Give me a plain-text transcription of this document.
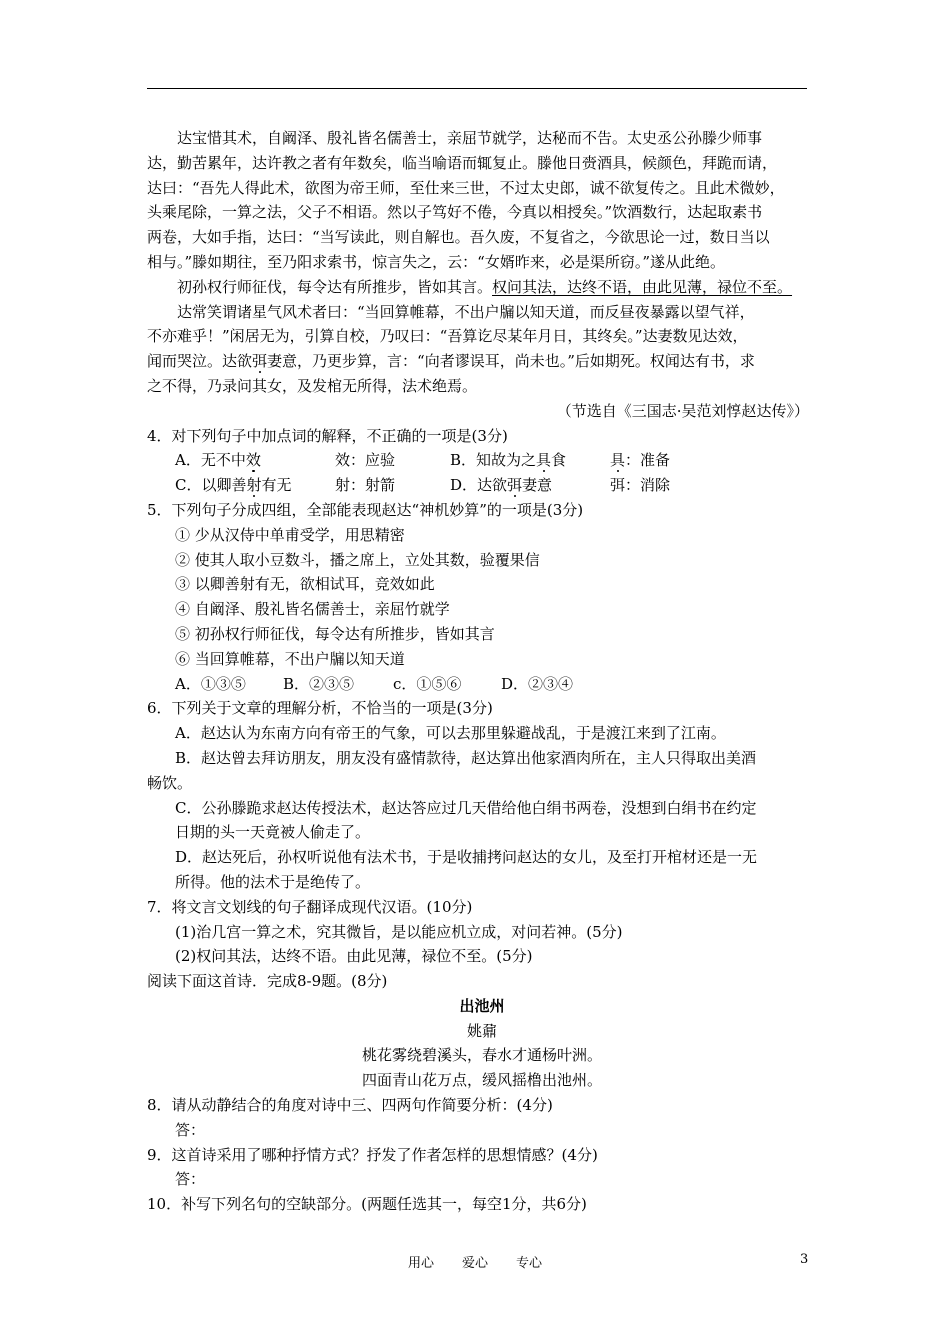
达宝惜其术，自阚泽、殷礼皆名儒善士，亲屈节就学，达秘而不告。太史丞公孙滕少师事
达，勤苦累年，达许教之者有年数矣，临当喻语而辄复止。滕他日赍酒具，候颜色，拜跪而请，
达曰：“吾先人得此术，欲图为帝王师，至仕来三世，不过太史郎，诚不欲复传之。且此术微妙，
头乘尾除，一算之法，父子不相语。然以子笃好不倦，今真以相授矣。”饮酒数行，达起取素书
两卷，大如手指，达曰：“当写读此，则自解也。吾久废，不复省之，今欲思论一过，数日当以
相与。”滕如期往，至乃阳求索书，惊言失之，云：“女婿昨来，必是渠所窃。”遂从此绝。
初孙权行师征伐，每令达有所推步，皆如其言。权问其法，达终不语，由此见薄，禄位不至。
达常笑谓诸星气风术者曰：“当回算帷幕，不出户牖以知天道，而反昼夜暴露以望气祥，
不亦难乎！”闲居无为，引算自校，乃叹曰：“吾算讫尽某年月日，其终矣。”达妻数见达效，
闻而哭泣。达欲弭妻意，乃更步算，言：“向者谬误耳，尚未也。”后如期死。权闻达有书，求
之不得，乃录问其女，及发棺无所得，法术绝焉。
（节选自《三国志·吴范刘惇赵达传》）
4．对下列句子中加点词的解释，不正确的一项是(3分)
A．无不中效	效：应验	B．知故为之具食	具：准备
C．以卿善射有无	射：射箭	D．达欲弭妻意	弭：消除
5．下列句子分成四组，全部能表现赵达“神机妙算”的一项是(3分)
① 少从汉侍中单甫受学，用思精密
② 使其人取小豆数斗，播之席上，立处其数，验覆果信
③ 以卿善射有无，欲相试耳，竞效如此
④ 自阚泽、殷礼皆名儒善士，亲屈竹就学
⑤ 初孙权行师征伐，每令达有所推步，皆如其言
⑥ 当回算帷幕，不出户牖以知天道
A．①③⑤ B．②③⑤	c．①⑤⑥	D．②③④
6．下列关于文章的理解分析，不恰当的一项是(3分)
A．赵达认为东南方向有帝王的气象，可以去那里躲避战乱，于是渡江来到了江南。
B．赵达曾去拜访朋友，朋友没有盛情款待，赵达算出他家酒肉所在，主人只得取出美酒
畅饮。
C．公孙滕跪求赵达传授法术，赵达答应过几天借给他白绢书两卷，没想到白绢书在约定
日期的头一天竟被人偷走了。
D．赵达死后，孙权听说他有法术书，于是收捕拷问赵达的女儿，及至打开棺材还是一无
所得。他的法术于是绝传了。
7．将文言文划线的句子翻译成现代汉语。(10分)
(1)治几宫一算之术，究其微旨，是以能应机立成，对问若神。(5分)
(2)权问其法，达终不语。由此见薄，禄位不至。(5分)
阅读下面这首诗．完成8-9题。(8分)
出池州
姚鼐
桃花雾绕碧溪头，春水才通杨叶洲。
四面青山花万点，缓风摇橹出池州。
8．请从动静结合的角度对诗中三、四两句作简要分析：(4分)
答：
9．这首诗采用了哪种抒情方式？抒发了作者怎样的思想情感？(4分)
答：
10．补写下列名句的空缺部分。(两题任选其一，每空1分，共6分)
用心 爱心 专心	3
